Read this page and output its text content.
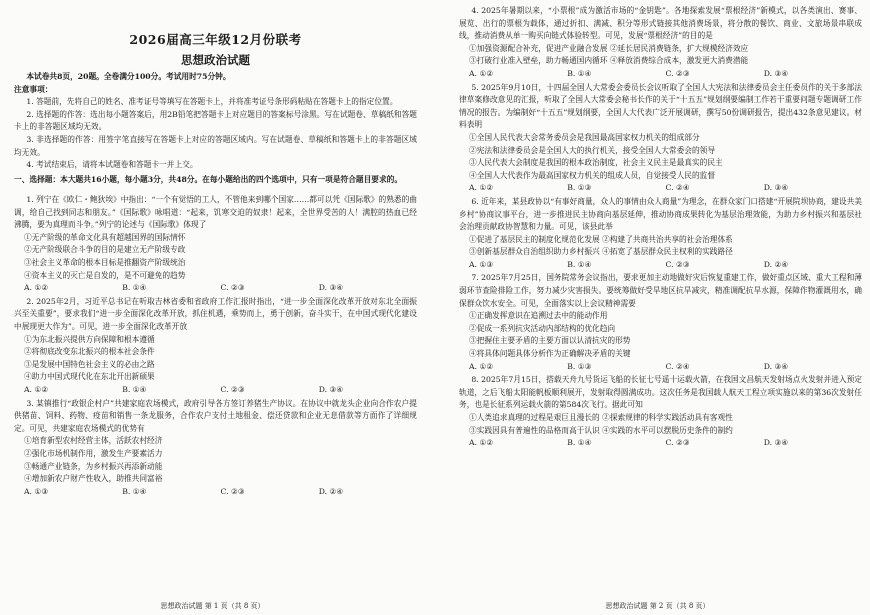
2026届高三年级12月份联考
思想政治试题

本试卷共8页，20题。全卷满分100分。考试用时75分钟。

注意事项：

1. 答题前，先将自己的姓名、准考证号等填写在答题卡上，并将准考证号条形码粘贴在答题卡上的指定位置。

2. 选择题的作答：选出每小题答案后，用2B铅笔把答题卡上对应题目的答案标号涂黑。写在试题卷、草稿纸和答题卡上的非答题区域均无效。

3. 非选择题的作答：用签字笔直接写在答题卡上对应的答题区域内。写在试题卷、草稿纸和答题卡上的非答题区域均无效。

4. 考试结束后，请将本试题卷和答题卡一并上交。

一、选择题：本大题共16小题，每小题3分，共48分。在每小题给出的四个选项中，只有一项是符合题目要求的。

1. 列宁在《欧仁・鲍狄埃》中指出：“一个有觉悟的工人，不管他来到哪个国家……都可以凭《国际歌》的熟悉的曲调，给自己找到同志和朋友。”《国际歌》咏唱道：“起来，饥寒交迫的奴隶！起来，全世界受苦的人！满腔的热血已经沸腾，要为真理而斗争。”列宁的论述与《国际歌》体现了

①无产阶级的革命文化具有超越国界的国际情怀

②无产阶级联合斗争的目的是建立无产阶级专政

③社会主义革命的根本目标是推翻资产阶级统治

④资本主义的灭亡是自发的，是不可避免的趋势

A. ①②	B. ①④	C. ②③	D. ③④

2. 2025年2月，习近平总书记在听取吉林省委和省政府工作汇报时指出，“进一步全面深化改革开放对东北全面振兴至关重要”，要求我们“进一步全面深化改革开放，抓住机遇，乘势而上，勇于创新，奋斗实干，在中国式现代化建设中展现更大作为”。可见，进一步全面深化改革开放

①为东北振兴提供方向保障和根本遵循

②将彻底改变东北振兴的根本社会条件

③是发展中国特色社会主义的必由之路

④助力中国式现代化在东北开出新硕果

A. ①②	B. ①④	C. ②③	D. ③④

3. 某镇推行“政银企村户”共建家庭农场模式，政府引导各方签订养猪生产协议。在协议中就龙头企业向合作农户提供猪苗、饲料、药物、疫苗和销售一条龙服务，合作农户支付土地租金、偿还贷款和企业无息借款等方面作了详细规定。可见，共建家庭农场模式的优势有

①培育新型农村经营主体，活跃农村经济

②强化市场机制作用，激发生产要素活力

③畅通产业链条，为乡村振兴再添新动能

④增加新农户财产性收入，助推共同富裕

A. ①③	B. ①④	C. ②③	D. ②④
思想政治试题 第 1 页（共 8 页）

4. 2025年暑期以来，“小票根”成为激活市场的“金钥匙”。各地探索发展“票根经济”新模式，以各类演出、赛事、展览、出行的票根为载体，通过折扣、满减、积分等形式链接其他消费场景，将分散的餐饮、商业、文旅场景串联成线，推动消费从单一购买向链式体验转型。可见，发展“票根经济”的目的是

①加强资源配合补充，促进产业融合发展 ②延长居民消费链条，扩大规模经济效应

③打破行业准入壁垒，助力畅通国内循环 ④释放消费综合成本，激发更大消费潜能

A. ①②	B. ①④	C. ②③	D. ③④

5. 2025年9月10日，十四届全国人大常委会委员长会议听取了全国人大宪法和法律委员会主任委员作的关于多部法律草案修改意见的汇报，听取了全国人大常委会秘书长作的关于“十五五”规划纲要编制工作若干重要问题专题调研工作情况的报告。为编制好“十五五”规划纲要，全国人大代表广泛开展调研，撰写50份调研报告，提出432条意见建议。材料表明

①全国人民代表大会常务委员会是我国最高国家权力机关的组成部分

②宪法和法律委员会是全国人大的执行机关，接受全国人大常委会的领导

③人民代表大会制度是我国的根本政治制度，社会主义民主是最真实的民主

④全国人大代表作为最高国家权力机关的组成人员，自觉接受人民的监督

A. ①②	B. ①③	C. ②④	D. ③④

6. 近年来，某县政协以“有事好商量，众人的事情由众人商量”为理念，在群众家门口搭建“开展院坝协商，建设共美乡村”协商议事平台，进一步推进民主协商向基层延伸，推动协商成果转化为基层治理效能，为助力乡村振兴和基层社会治理贡献政协智慧和力量。可见，该县此举

①促进了基层民主的制度化规范化发展 ②构建了共商共治共享的社会治理体系

③创新基层群众自治组织助力乡村振兴 ④拓宽了基层群众民主权利的实践路径

A. ①③	B. ①④	C. ②③	D. ②④

7. 2025年7月25日，国务院常务会议指出，要求更加主动地做好灾后恢复重建工作，做好重点区域、重大工程和薄弱环节查险排险工作，努力减少灾害损失。要统筹做好受旱地区抗旱减灾，精准调配抗旱水源，保障作物灌溉用水，确保群众饮水安全。可见，全面落实以上会议精神需要

①正确发挥意识在追溯过去中的能动作用

②促成一系列抗灾活动内部结构的优化趋向

③把握住主要矛盾的主要方面以认清抗灾的形势

④将具体问题具体分析作为正确解决矛盾的关键

A. ①②	B. ①③	C. ②④	D. ③④

8. 2025年7月15日，搭载天舟九号货运飞船的长征七号遥十运载火箭，在我国文昌航天发射场点火发射并进入预定轨道，之后飞船太阳能帆板顺利展开，发射取得圆满成功。这次任务是我国载人航天工程立项实施以来的第36次发射任务，也是长征系列运载火箭的第584次飞行。据此可知

①人类追求真理的过程是艰巨且漫长的 ②探索规律的科学实践活动具有客观性

③实践因具有普遍性的品格而高于认识 ④实践的水平可以摆脱历史条件的制约

A. ①②	B. ①④	C. ②③	D. ③④
思想政治试题 第 2 页（共 8 页）
